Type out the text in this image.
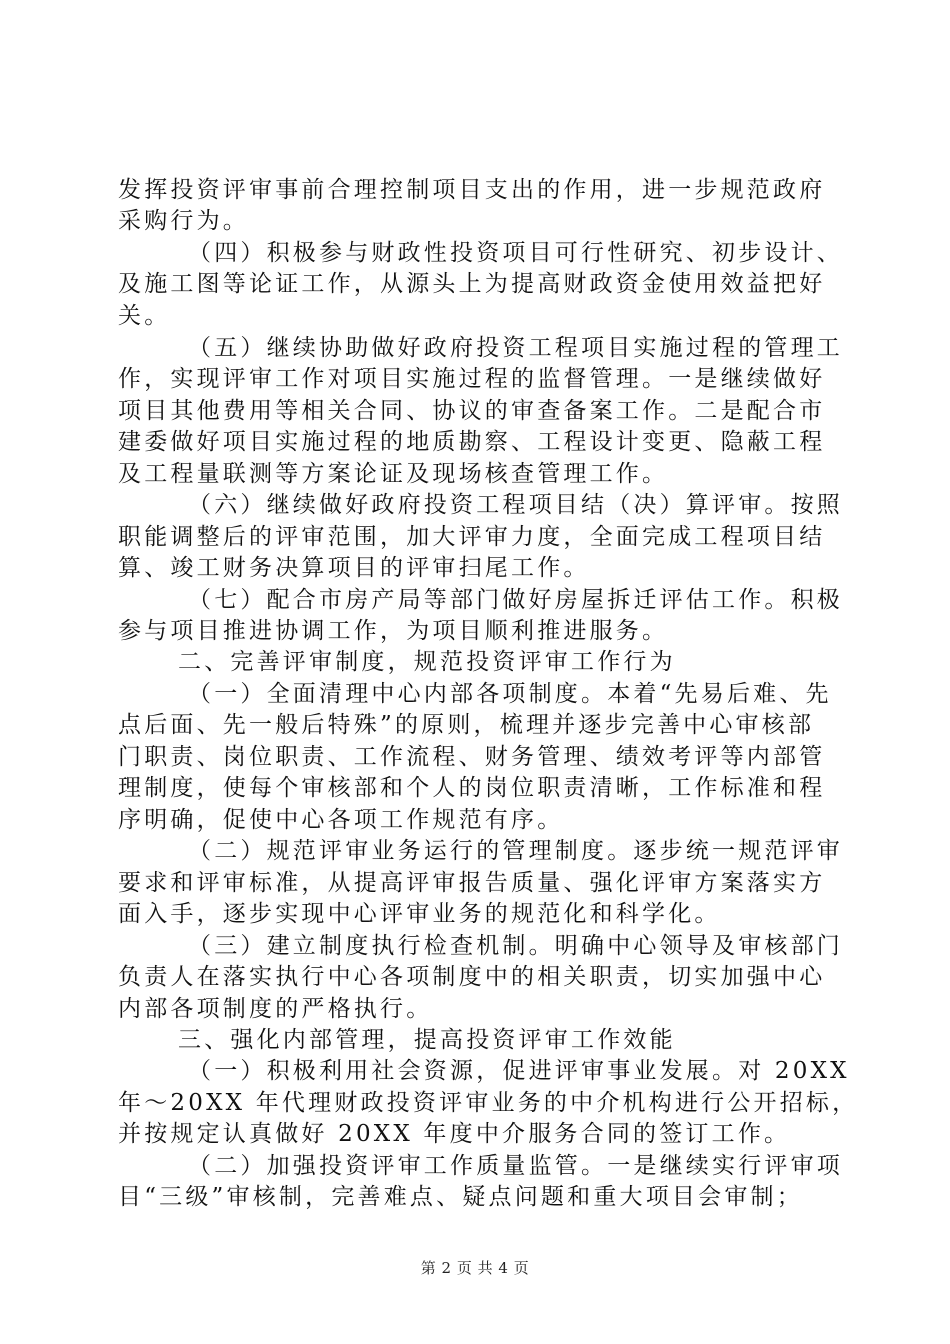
发挥投资评审事前合理控制项目支出的作用，进一步规范政府
采购行为。
（四）积极参与财政性投资项目可行性研究、初步设计、
及施工图等论证工作，从源头上为提高财政资金使用效益把好
关。
（五）继续协助做好政府投资工程项目实施过程的管理工
作，实现评审工作对项目实施过程的监督管理。一是继续做好
项目其他费用等相关合同、协议的审查备案工作。二是配合市
建委做好项目实施过程的地质勘察、工程设计变更、隐蔽工程
及工程量联测等方案论证及现场核查管理工作。
（六）继续做好政府投资工程项目结（决）算评审。按照
职能调整后的评审范围，加大评审力度，全面完成工程项目结
算、竣工财务决算项目的评审扫尾工作。
（七）配合市房产局等部门做好房屋拆迁评估工作。积极
参与项目推进协调工作，为项目顺利推进服务。
二、完善评审制度，规范投资评审工作行为
（一）全面清理中心内部各项制度。本着“先易后难、先
点后面、先一般后特殊”的原则，梳理并逐步完善中心审核部
门职责、岗位职责、工作流程、财务管理、绩效考评等内部管
理制度，使每个审核部和个人的岗位职责清晰，工作标准和程
序明确，促使中心各项工作规范有序。
（二）规范评审业务运行的管理制度。逐步统一规范评审
要求和评审标准，从提高评审报告质量、强化评审方案落实方
面入手，逐步实现中心评审业务的规范化和科学化。
（三）建立制度执行检查机制。明确中心领导及审核部门
负责人在落实执行中心各项制度中的相关职责，切实加强中心
内部各项制度的严格执行。
三、强化内部管理，提高投资评审工作效能
（一）积极利用社会资源，促进评审事业发展。对 20XX
年～20XX 年代理财政投资评审业务的中介机构进行公开招标，
并按规定认真做好 20XX 年度中介服务合同的签订工作。
（二）加强投资评审工作质量监管。一是继续实行评审项
目“三级”审核制，完善难点、疑点问题和重大项目会审制；
第 2 页 共 4 页
